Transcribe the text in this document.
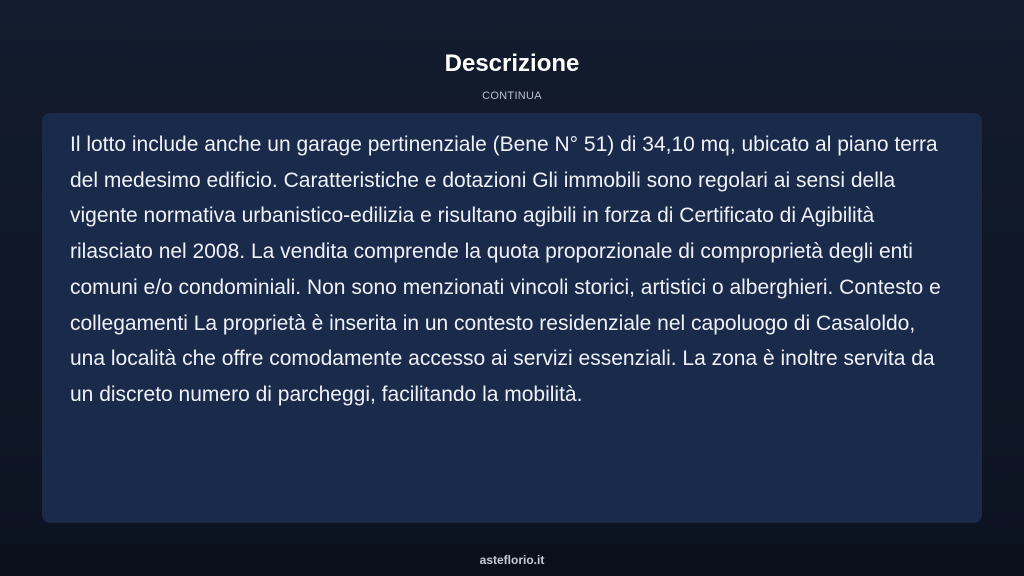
Descrizione
CONTINUA

Il lotto include anche un garage pertinenziale (Bene N° 51) di 34,10 mq, ubicato al piano terra del medesimo edificio. Caratteristiche e dotazioni Gli immobili sono regolari ai sensi della vigente normativa urbanistico-edilizia e risultano agibili in forza di Certificato di Agibilità rilasciato nel 2008. La vendita comprende la quota proporzionale di comproprietà degli enti comuni e/o condominiali. Non sono menzionati vincoli storici, artistici o alberghieri. Contesto e collegamenti La proprietà è inserita in un contesto residenziale nel capoluogo di Casaloldo, una località che offre comodamente accesso ai servizi essenziali. La zona è inoltre servita da un discreto numero di parcheggi, facilitando la mobilità.

asteflorio.it
